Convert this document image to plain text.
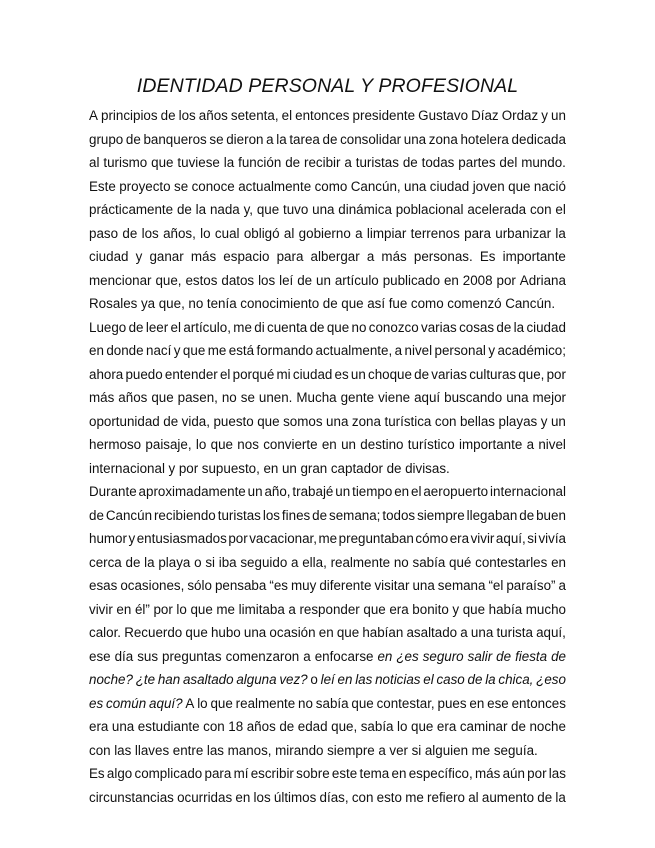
IDENTIDAD PERSONAL Y PROFESIONAL
A principios de los años setenta, el entonces presidente Gustavo Díaz Ordaz y un
grupo de banqueros se dieron a la tarea de consolidar una zona hotelera dedicada
al turismo que tuviese la función de recibir a turistas de todas partes del mundo.
Este proyecto se conoce actualmente como Cancún, una ciudad joven que nació
prácticamente de la nada y, que tuvo una dinámica poblacional acelerada con el
paso de los años, lo cual obligó al gobierno a limpiar terrenos para urbanizar la
ciudad y ganar más espacio para albergar a más personas. Es importante
mencionar que, estos datos los leí de un artículo publicado en 2008 por Adriana
Rosales ya que, no tenía conocimiento de que así fue como comenzó Cancún.
Luego de leer el artículo, me di cuenta de que no conozco varias cosas de la ciudad
en donde nací y que me está formando actualmente, a nivel personal y académico;
ahora puedo entender el porqué mi ciudad es un choque de varias culturas que, por
más años que pasen, no se unen. Mucha gente viene aquí buscando una mejor
oportunidad de vida, puesto que somos una zona turística con bellas playas y un
hermoso paisaje, lo que nos convierte en un destino turístico importante a nivel
internacional y por supuesto, en un gran captador de divisas.
Durante aproximadamente un año, trabajé un tiempo en el aeropuerto internacional
de Cancún recibiendo turistas los fines de semana; todos siempre llegaban de buen
humor y entusiasmados por vacacionar, me preguntaban cómo era vivir aquí, si vivía
cerca de la playa o si iba seguido a ella, realmente no sabía qué contestarles en
esas ocasiones, sólo pensaba “es muy diferente visitar una semana “el paraíso” a
vivir en él” por lo que me limitaba a responder que era bonito y que había mucho
calor. Recuerdo que hubo una ocasión en que habían asaltado a una turista aquí,
ese día sus preguntas comenzaron a enfocarse en ¿es seguro salir de fiesta de
noche? ¿te han asaltado alguna vez? o leí en las noticias el caso de la chica, ¿eso
es común aquí? A lo que realmente no sabía que contestar, pues en ese entonces
era una estudiante con 18 años de edad que, sabía lo que era caminar de noche
con las llaves entre las manos, mirando siempre a ver si alguien me seguía.
Es algo complicado para mí escribir sobre este tema en específico, más aún por las
circunstancias ocurridas en los últimos días, con esto me refiero al aumento de la
